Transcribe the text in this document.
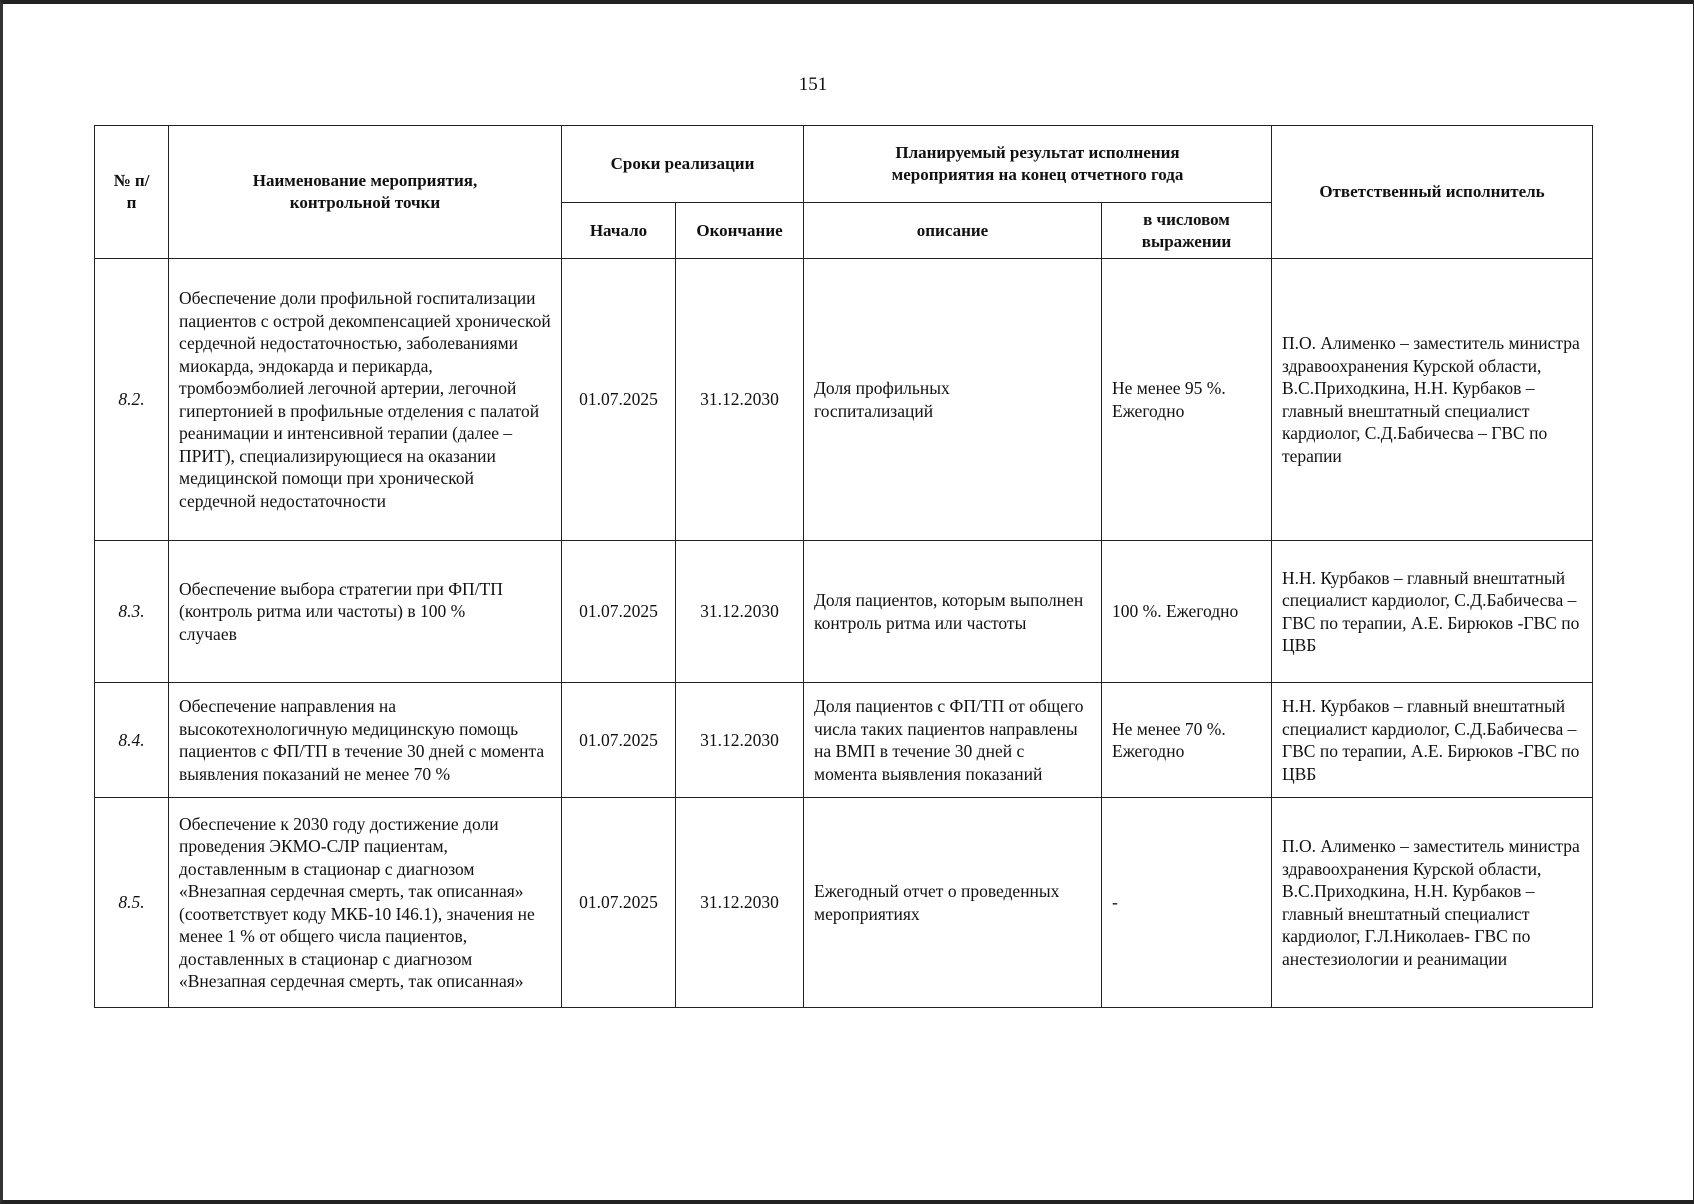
151
№ п/п	Наименование мероприятия, контрольной точки	Сроки реализации		Планируемый результат исполнения мероприятия на конец отчетного года		Ответственный исполнитель
		Начало	Окончание	описание	в числовом выражении	
8.2.	Обеспечение доли профильной госпитализации пациентов с острой декомпенсацией хронической сердечной недостаточностью, заболеваниями миокарда, эндокарда и перикарда, тромбоэмболией легочной артерии, легочной гипертонией в профильные отделения с палатой реанимации и интенсивной терапии (далее –ПРИТ), специализирующиеся на оказании медицинской помощи при хронической сердечной недостаточности	01.07.2025	31.12.2030	Доля профильных госпитализаций	Не менее 95 %. Ежегодно	П.О. Алименко – заместитель министра здравоохранения Курской области, В.С.Приходкина, Н.Н. Курбаков – главный внештатный специалист кардиолог, С.Д.Бабичесва – ГВС по терапии
8.3.	Обеспечение выбора стратегии при ФП/ТП (контроль ритма или частоты) в 100 % случаев	01.07.2025	31.12.2030	Доля пациентов, которым выполнен контроль ритма или частоты	100 %. Ежегодно	Н.Н. Курбаков – главный внештатный специалист кардиолог, С.Д.Бабичесва – ГВС по терапии, А.Е. Бирюков -ГВС по ЦВБ
8.4.	Обеспечение направления на высокотехнологичную медицинскую помощь пациентов с ФП/ТП в течение 30 дней с момента выявления показаний не менее 70 %	01.07.2025	31.12.2030	Доля пациентов с ФП/ТП от общего числа таких пациентов направлены на ВМП в течение 30 дней с момента выявления показаний	Не менее 70 %. Ежегодно	Н.Н. Курбаков – главный внештатный специалист кардиолог, С.Д.Бабичесва – ГВС по терапии, А.Е. Бирюков -ГВС по ЦВБ
8.5.	Обеспечение к 2030 году достижение доли проведения ЭКМО-СЛР пациентам, доставленным в стационар с диагнозом «Внезапная сердечная смерть, так описанная» (соответствует коду МКБ-10 I46.1), значения не менее 1 % от общего числа пациентов, доставленных в стационар с диагнозом «Внезапная сердечная смерть, так описанная»	01.07.2025	31.12.2030	Ежегодный отчет о проведенных мероприятиях	-	П.О. Алименко – заместитель министра здравоохранения Курской области, В.С.Приходкина, Н.Н. Курбаков – главный внештатный специалист кардиолог, Г.Л.Николаев- ГВС по анестезиологии и реанимации
